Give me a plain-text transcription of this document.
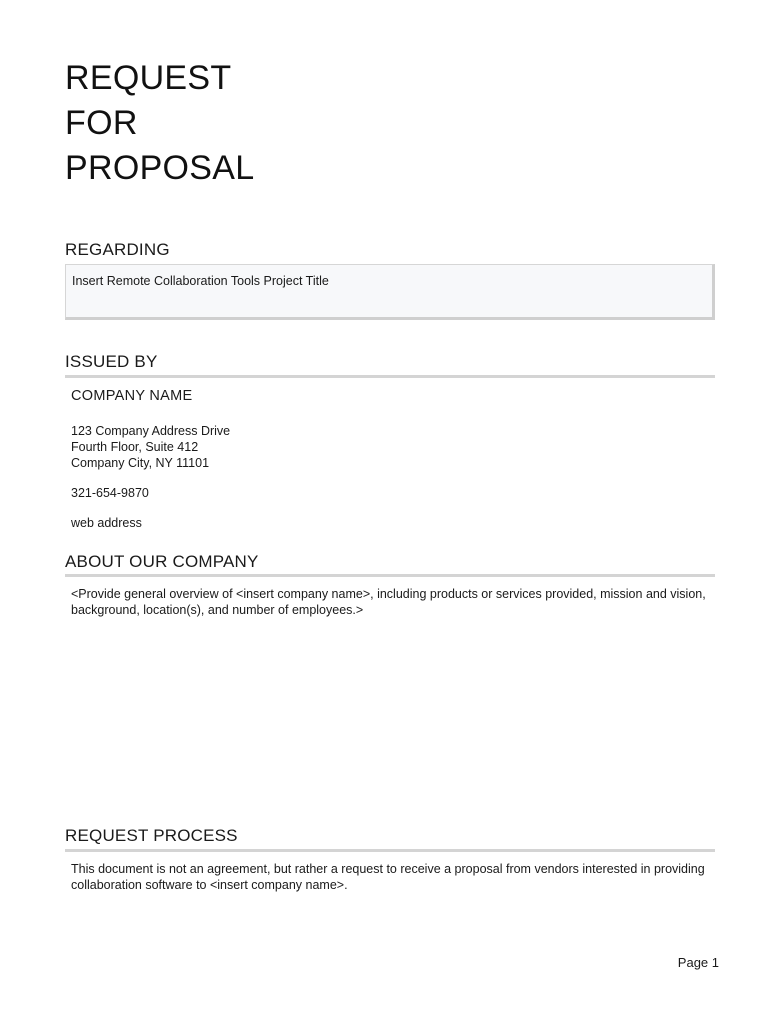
REQUEST
FOR
PROPOSAL
REGARDING
Insert Remote Collaboration Tools Project Title
ISSUED BY
COMPANY NAME
123 Company Address Drive
Fourth Floor, Suite 412
Company City, NY 11101
321-654-9870
web address
ABOUT OUR COMPANY
<Provide general overview of <insert company name>, including products or services provided, mission and vision, background, location(s), and number of employees.>
REQUEST PROCESS
This document is not an agreement, but rather a request to receive a proposal from vendors interested in providing collaboration software to <insert company name>.
Page 1
